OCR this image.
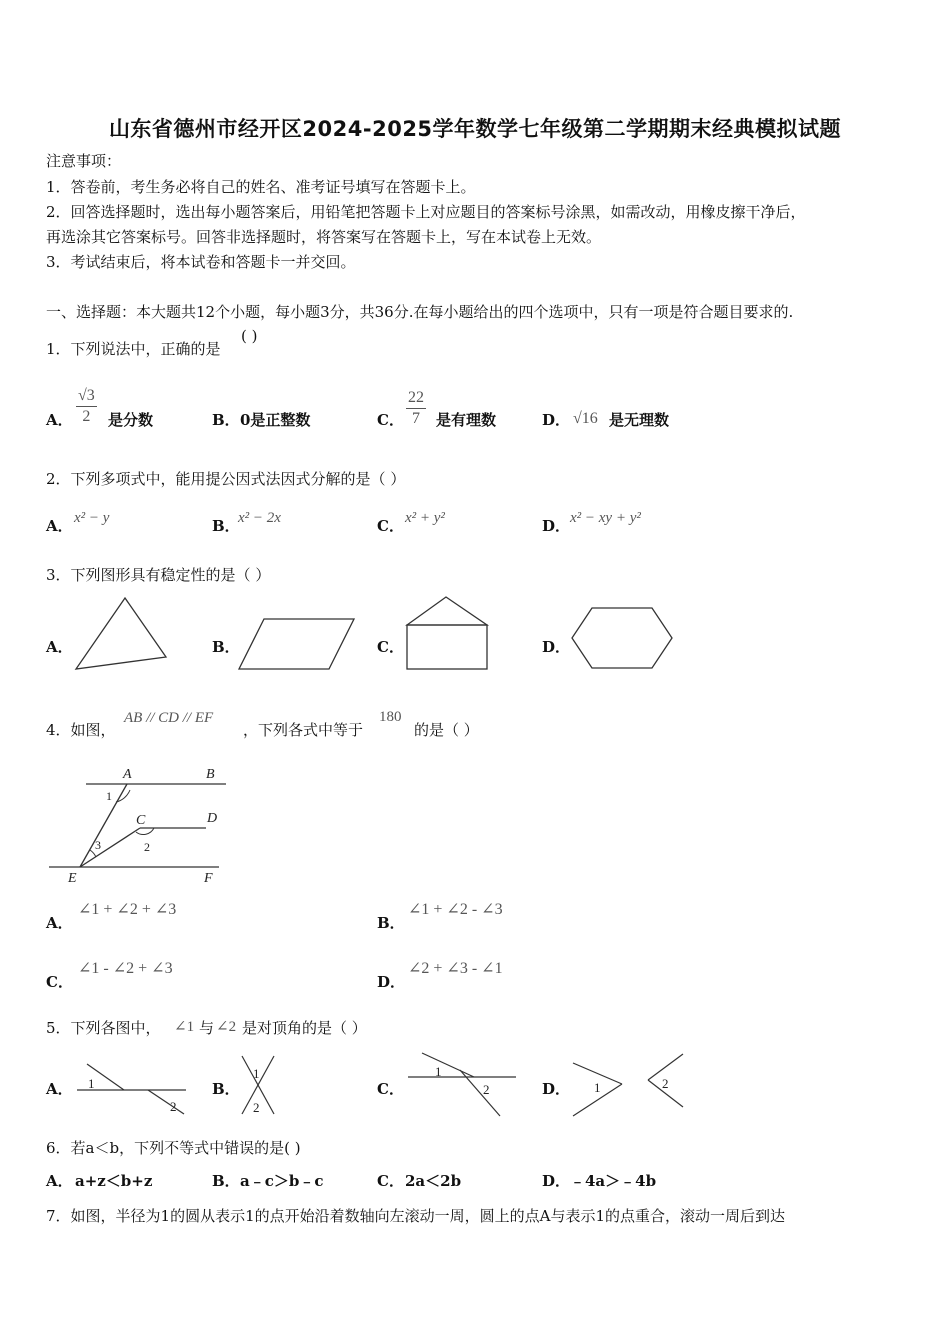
山东省德州市经开区2024-2025学年数学七年级第二学期期末经典模拟试题
注意事项：
1．答卷前，考生务必将自己的姓名、准考证号填写在答题卡上。
2．回答选择题时，选出每小题答案后，用铅笔把答题卡上对应题目的答案标号涂黑，如需改动，用橡皮擦干净后，
再选涂其它答案标号。回答非选择题时，将答案写在答题卡上，写在本试卷上无效。
3．考试结束后，将本试卷和答题卡一并交回。
一、选择题：本大题共12个小题，每小题3分，共36分.在每小题给出的四个选项中，只有一项是符合题目要求的.
1．下列说法中，正确的是
( )
A． $\frac{√3}{2}$ 是分数	B． 0是正整数	C． $\frac{22}{7}$ 是有理数	D． √16 是无理数
2．下列多项式中，能用提公因式法因式分解的是（ ）
A． x² − y	B．
x² − 2x	C． x² + y²	D． x² − xy + y²
3．下列图形具有稳定性的是（ ）
A．	B．	C．	D．
4．如图，
AB // CD // EF
，下列各式中等于
180
的是（ ）
A	B
C	D
E	F
1
2
3
A．
∠1 + ∠2 + ∠3
B．
∠1 + ∠2 - ∠3
C．
∠1 - ∠2 + ∠3
D．
∠2 + ∠3 - ∠1
5．下列各图中， ∠1 与 ∠2 是对顶角的是（ ）
A． 1
2
B．
1
2
C．
1
2	D． 1	2
6．若a＜b，下列不等式中错误的是( )
A． a+z＜b+z	B． a﹣c＞b﹣c	C． 2a＜2b	D． ﹣4a＞﹣4b
7．如图，半径为1的圆从表示1的点开始沿着数轴向左滚动一周，圆上的点A与表示1的点重合，滚动一周后到达
